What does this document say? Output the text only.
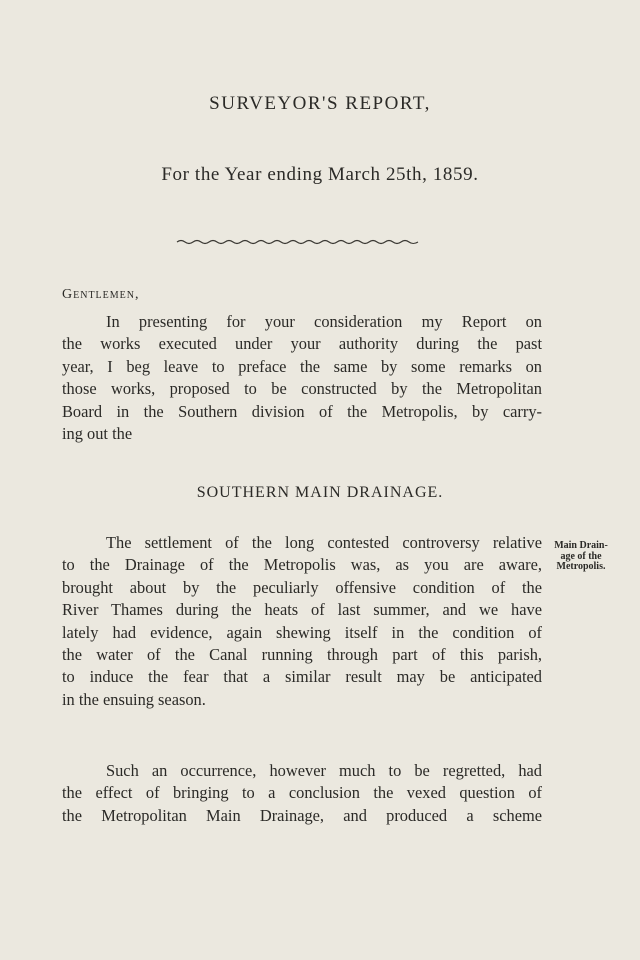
SURVEYOR'S REPORT,
For the Year ending March 25th, 1859.
Gentlemen,
In presenting for your consideration my Report on
the works executed under your authority during the past
year, I beg leave to preface the same by some remarks on
those works, proposed to be constructed by the Metropolitan
Board in the Southern division of the Metropolis, by carry-
ing out the
SOUTHERN MAIN DRAINAGE.
The settlement of the long contested controversy relative
to the Drainage of the Metropolis was, as you are aware,
brought about by the peculiarly offensive condition of the
River Thames during the heats of last summer, and we have
lately had evidence, again shewing itself in the condition of
the water of the Canal running through part of this parish,
to induce the fear that a similar result may be anticipated
in the ensuing season.
Main Drain-
age of the
Metropolis.
Such an occurrence, however much to be regretted, had
the effect of bringing to a conclusion the vexed question of
the Metropolitan Main Drainage, and produced a scheme
